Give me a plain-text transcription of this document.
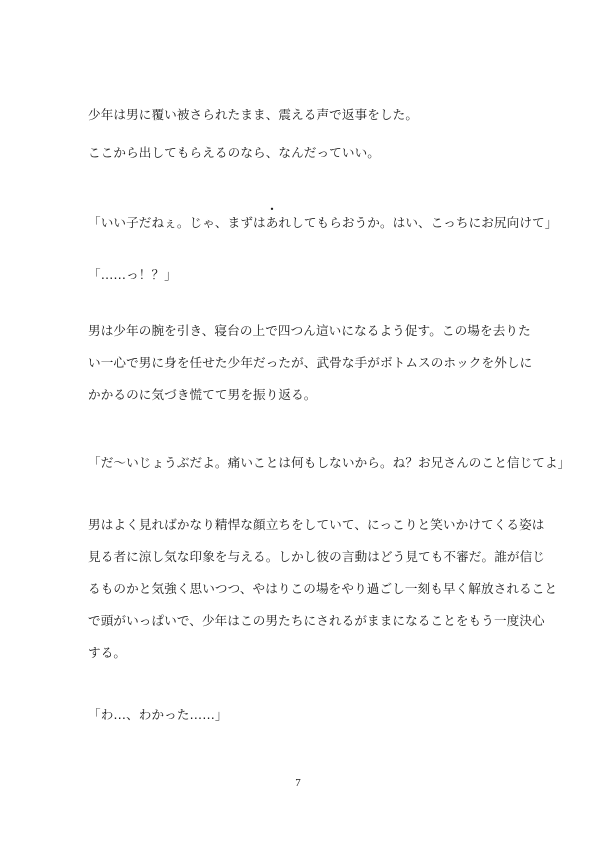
少年は男に覆い被さられたまま、震える声で返事をした。
ここから出してもらえるのなら、なんだっていい。
「いい子だねぇ。じゃ、まずはあれしてもらおうか。はい、こっちにお尻向けて」
「……っ！？」
男は少年の腕を引き、寝台の上で四つん這いになるよう促す。この場を去りた
い一心で男に身を任せた少年だったが、武骨な手がボトムスのホックを外しに
かかるのに気づき慌てて男を振り返る。
「だ〜いじょうぶだよ。痛いことは何もしないから。ね？お兄さんのこと信じてよ」
男はよく見ればかなり精悍な顔立ちをしていて、にっこりと笑いかけてくる姿は
見る者に涼し気な印象を与える。しかし彼の言動はどう見ても不審だ。誰が信じ
るものかと気強く思いつつ、やはりこの場をやり過ごし一刻も早く解放されること
で頭がいっぱいで、少年はこの男たちにされるがままになることをもう一度決心
する。
「わ…、わかった……」
7
